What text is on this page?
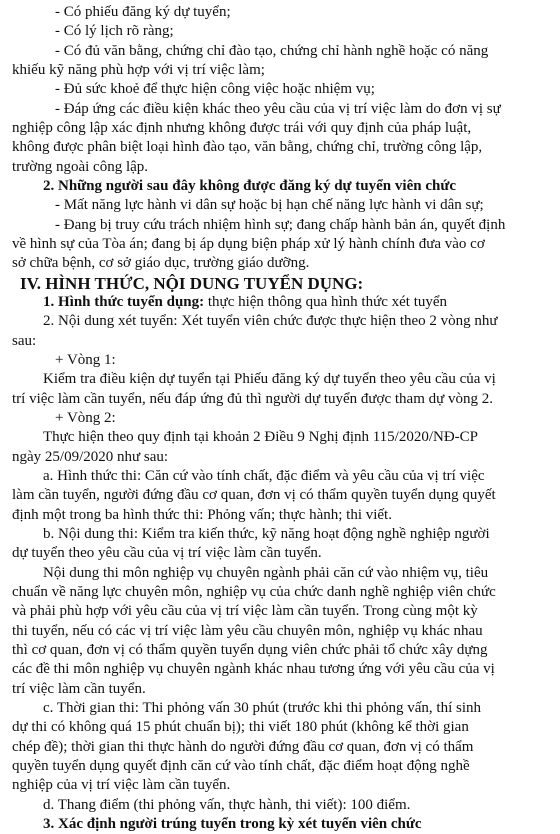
- Có phiếu đăng ký dự tuyển;
- Có lý lịch rõ ràng;
- Có đủ văn bằng, chứng chỉ đào tạo, chứng chỉ hành nghề hoặc có năng
khiếu kỹ năng phù hợp với vị trí việc làm;
- Đủ sức khoẻ để thực hiện công việc hoặc nhiệm vụ;
- Đáp ứng các điều kiện khác theo yêu cầu của vị trí việc làm do đơn vị sự
nghiệp công lập xác định nhưng không được trái với quy định của pháp luật,
không được phân biệt loại hình đào tạo, văn bằng, chứng chỉ, trường công lập,
trường ngoài công lập.
2. Những người sau đây không được đăng ký dự tuyển viên chức
- Mất năng lực hành vi dân sự hoặc bị hạn chế năng lực hành vi dân sự;
- Đang bị truy cứu trách nhiệm hình sự; đang chấp hành bản án, quyết định
về hình sự của Tòa án; đang bị áp dụng biện pháp xử lý hành chính đưa vào cơ
sở chữa bệnh, cơ sở giáo dục, trường giáo dưỡng.
IV. HÌNH THỨC, NỘI DUNG TUYỂN DỤNG:
1. Hình thức tuyển dụng: thực hiện thông qua hình thức xét tuyển
2. Nội dung xét tuyển: Xét tuyển viên chức được thực hiện theo 2 vòng như
sau:
+ Vòng 1:
Kiểm tra điều kiện dự tuyển tại Phiếu đăng ký dự tuyển theo yêu cầu của vị
trí việc làm cần tuyển, nếu đáp ứng đủ thì người dự tuyển được tham dự vòng 2.
+ Vòng 2:
Thực hiện theo quy định tại khoản 2 Điều 9 Nghị định 115/2020/NĐ-CP
ngày 25/09/2020 như sau:
a. Hình thức thi: Căn cứ vào tính chất, đặc điểm và yêu cầu của vị trí việc
làm cần tuyển, người đứng đầu cơ quan, đơn vị có thẩm quyền tuyển dụng quyết
định một trong ba hình thức thi: Phỏng vấn; thực hành; thi viết.
b. Nội dung thi: Kiểm tra kiến thức, kỹ năng hoạt động nghề nghiệp người
dự tuyển theo yêu cầu của vị trí việc làm cần tuyển.
Nội dung thi môn nghiệp vụ chuyên ngành phải căn cứ vào nhiệm vụ, tiêu
chuẩn về năng lực chuyên môn, nghiệp vụ của chức danh nghề nghiệp viên chức
và phải phù hợp với yêu cầu của vị trí việc làm cần tuyển. Trong cùng một kỳ
thi tuyển, nếu có các vị trí việc làm yêu cầu chuyên môn, nghiệp vụ khác nhau
thì cơ quan, đơn vị có thẩm quyền tuyển dụng viên chức phải tổ chức xây dựng
các đề thi môn nghiệp vụ chuyên ngành khác nhau tương ứng với yêu cầu của vị
trí việc làm cần tuyển.
c. Thời gian thi: Thi phỏng vấn 30 phút (trước khi thi phỏng vấn, thí sinh
dự thi có không quá 15 phút chuẩn bị); thi viết 180 phút (không kể thời gian
chép đề); thời gian thi thực hành do người đứng đầu cơ quan, đơn vị có thẩm
quyền tuyển dụng quyết định căn cứ vào tính chất, đặc điểm hoạt động nghề
nghiệp của vị trí việc làm cần tuyển.
d. Thang điểm (thi phỏng vấn, thực hành, thi viết): 100 điểm.
3. Xác định người trúng tuyển trong kỳ xét tuyển viên chức
